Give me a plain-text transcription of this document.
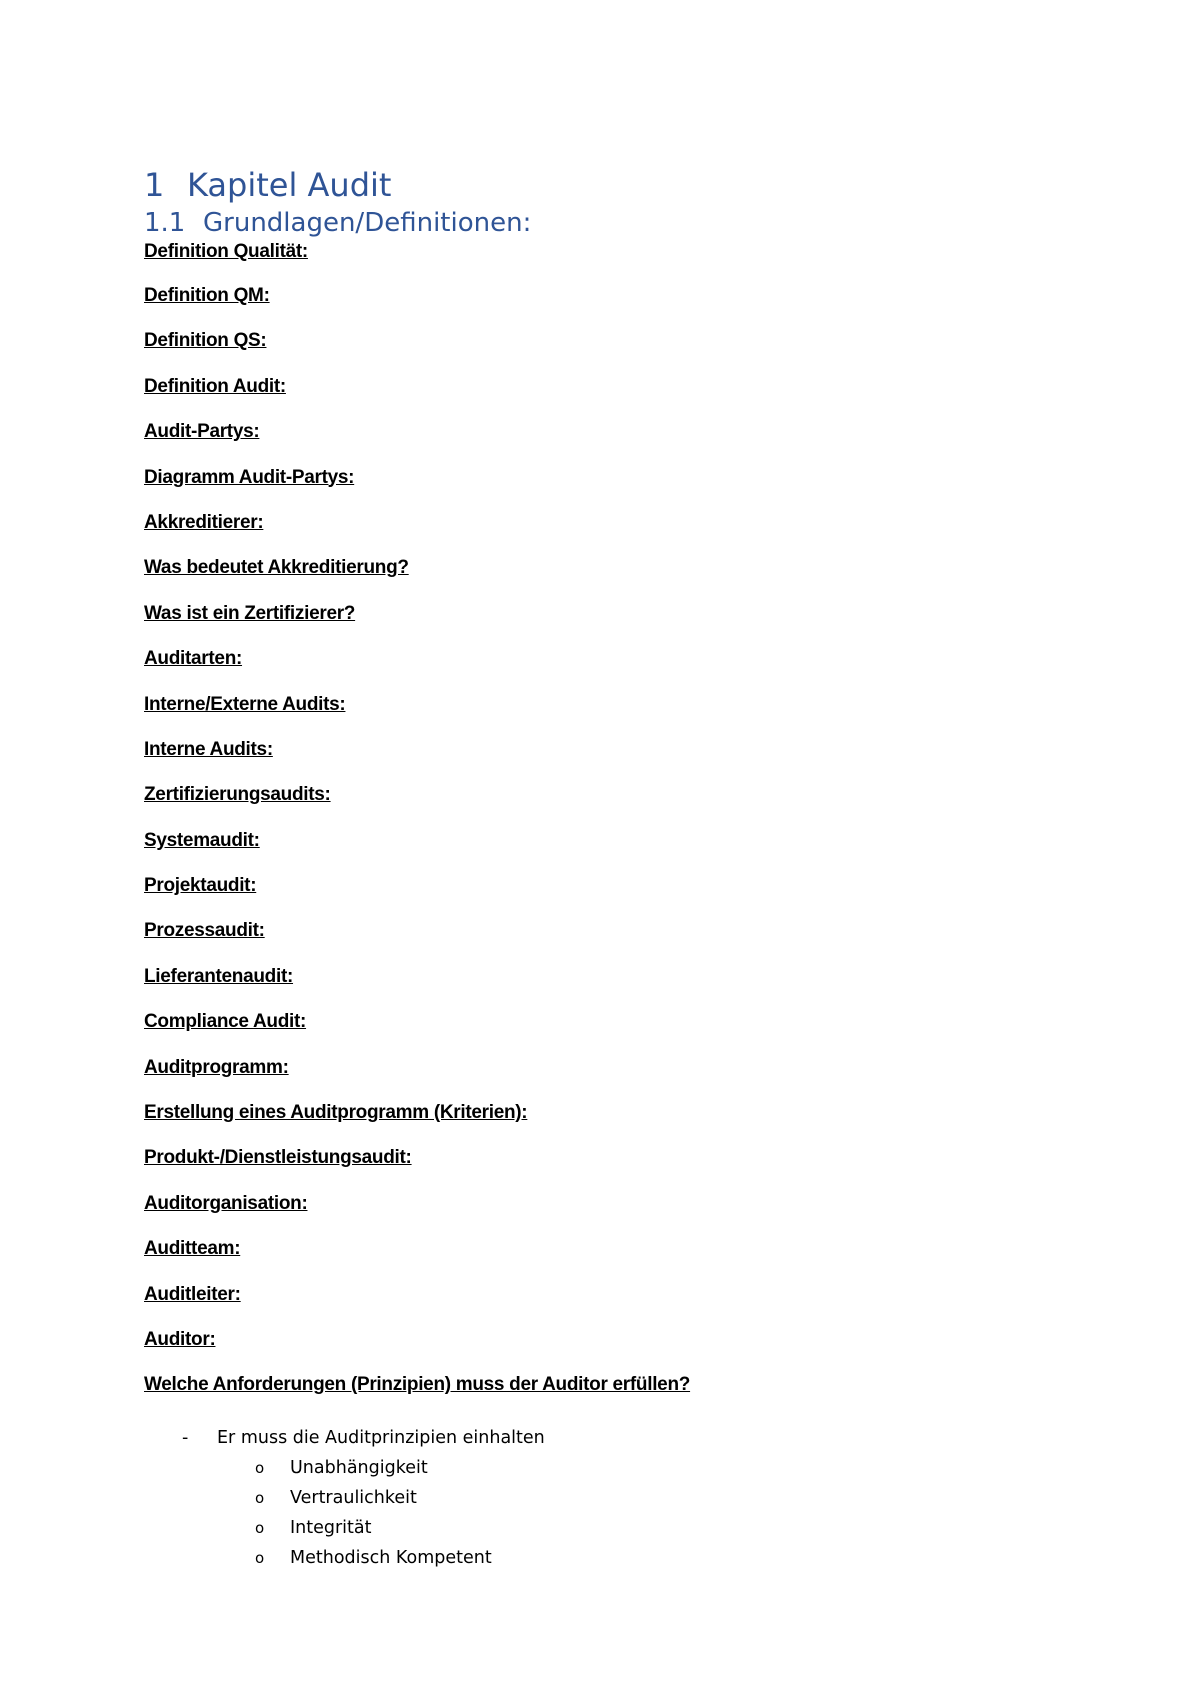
1 Kapitel Audit
1.1 Grundlagen/Definitionen:
Definition Qualität:
Definition QM:
Definition QS:
Definition Audit:
Audit-Partys:
Diagramm Audit-Partys:
Akkreditierer:
Was bedeutet Akkreditierung?
Was ist ein Zertifizierer?
Auditarten:
Interne/Externe Audits:
Interne Audits:
Zertifizierungsaudits:
Systemaudit:
Projektaudit:
Prozessaudit:
Lieferantenaudit:
Compliance Audit:
Auditprogramm:
Erstellung eines Auditprogramm (Kriterien):
Produkt-/Dienstleistungsaudit:
Auditorganisation:
Auditteam:
Auditleiter:
Auditor:
Welche Anforderungen (Prinzipien) muss der Auditor erfüllen?
- Er muss die Auditprinzipien einhalten
o Unabhängigkeit
o Vertraulichkeit
o Integrität
o Methodisch Kompetent
